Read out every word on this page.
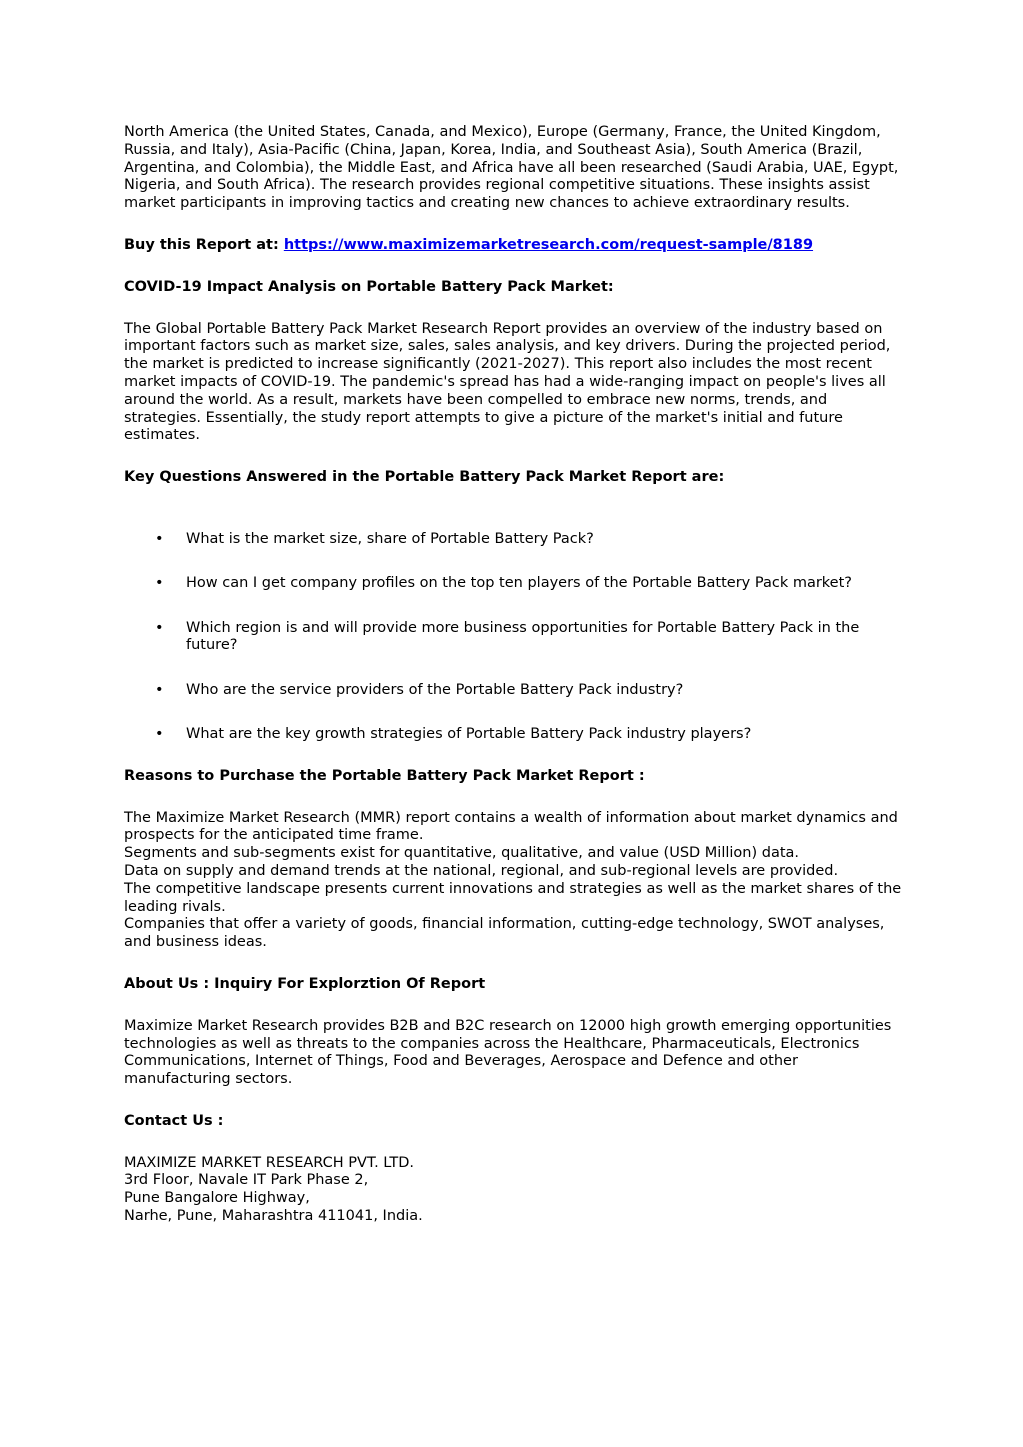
North America (the United States, Canada, and Mexico), Europe (Germany, France, the United Kingdom, Russia, and Italy), Asia-Pacific (China, Japan, Korea, India, and Southeast Asia), South America (Brazil, Argentina, and Colombia), the Middle East, and Africa have all been researched (Saudi Arabia, UAE, Egypt, Nigeria, and South Africa). The research provides regional competitive situations. These insights assist market participants in improving tactics and creating new chances to achieve extraordinary results.

Buy this Report at: https://www.maximizemarketresearch.com/request-sample/8189

COVID-19 Impact Analysis on Portable Battery Pack Market:

The Global Portable Battery Pack Market Research Report provides an overview of the industry based on important factors such as market size, sales, sales analysis, and key drivers. During the projected period, the market is predicted to increase significantly (2021-2027). This report also includes the most recent market impacts of COVID-19. The pandemic's spread has had a wide-ranging impact on people's lives all around the world. As a result, markets have been compelled to embrace new norms, trends, and strategies. Essentially, the study report attempts to give a picture of the market's initial and future estimates.

Key Questions Answered in the Portable Battery Pack Market Report are:

• What is the market size, share of Portable Battery Pack?
• How can I get company profiles on the top ten players of the Portable Battery Pack market?
• Which region is and will provide more business opportunities for Portable Battery Pack in the future?
• Who are the service providers of the Portable Battery Pack industry?
• What are the key growth strategies of Portable Battery Pack industry players?

Reasons to Purchase the Portable Battery Pack Market Report :

The Maximize Market Research (MMR) report contains a wealth of information about market dynamics and prospects for the anticipated time frame.
Segments and sub-segments exist for quantitative, qualitative, and value (USD Million) data.
Data on supply and demand trends at the national, regional, and sub-regional levels are provided.
The competitive landscape presents current innovations and strategies as well as the market shares of the leading rivals.
Companies that offer a variety of goods, financial information, cutting-edge technology, SWOT analyses, and business ideas.

About Us : Inquiry For Explorztion Of Report

Maximize Market Research provides B2B and B2C research on 12000 high growth emerging opportunities technologies as well as threats to the companies across the Healthcare, Pharmaceuticals, Electronics Communications, Internet of Things, Food and Beverages, Aerospace and Defence and other manufacturing sectors.

Contact Us :

MAXIMIZE MARKET RESEARCH PVT. LTD.
3rd Floor, Navale IT Park Phase 2,
Pune Bangalore Highway,
Narhe, Pune, Maharashtra 411041, India.
